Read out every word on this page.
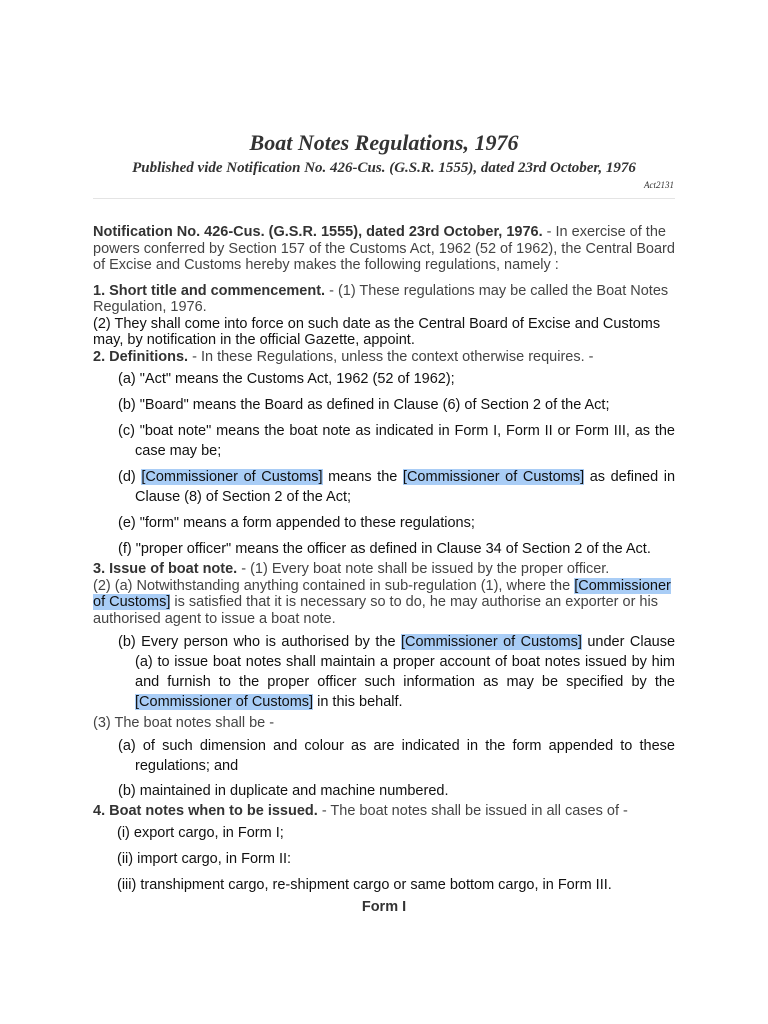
Boat Notes Regulations, 1976
Published vide Notification No. 426-Cus. (G.S.R. 1555), dated 23rd October, 1976
Act2131

Notification No. 426-Cus. (G.S.R. 1555), dated 23rd October, 1976. - In exercise of the powers conferred by Section 157 of the Customs Act, 1962 (52 of 1962), the Central Board of Excise and Customs hereby makes the following regulations, namely :

1. Short title and commencement. - (1) These regulations may be called the Boat Notes Regulation, 1976.

(2) They shall come into force on such date as the Central Board of Excise and Customs may, by notification in the official Gazette, appoint.

2. Definitions. - In these Regulations, unless the context otherwise requires. -

(a) "Act" means the Customs Act, 1962 (52 of 1962);
(b) "Board" means the Board as defined in Clause (6) of Section 2 of the Act;
(c) "boat note" means the boat note as indicated in Form I, Form II or Form III, as the case may be;
(d) [Commissioner of Customs] means the [Commissioner of Customs] as defined in Clause (8) of Section 2 of the Act;
(e) "form" means a form appended to these regulations;
(f) "proper officer" means the officer as defined in Clause 34 of Section 2 of the Act.

3. Issue of boat note. - (1) Every boat note shall be issued by the proper officer.

(2) (a) Notwithstanding anything contained in sub-regulation (1), where the [Commissioner of Customs] is satisfied that it is necessary so to do, he may authorise an exporter or his authorised agent to issue a boat note.

(b) Every person who is authorised by the [Commissioner of Customs] under Clause (a) to issue boat notes shall maintain a proper account of boat notes issued by him and furnish to the proper officer such information as may be specified by the [Commissioner of Customs] in this behalf.

(3) The boat notes shall be -

(a) of such dimension and colour as are indicated in the form appended to these regulations; and
(b) maintained in duplicate and machine numbered.

4. Boat notes when to be issued. - The boat notes shall be issued in all cases of -

(i) export cargo, in Form I;
(ii) import cargo, in Form II:
(iii) transhipment cargo, re-shipment cargo or same bottom cargo, in Form III.

Form I
